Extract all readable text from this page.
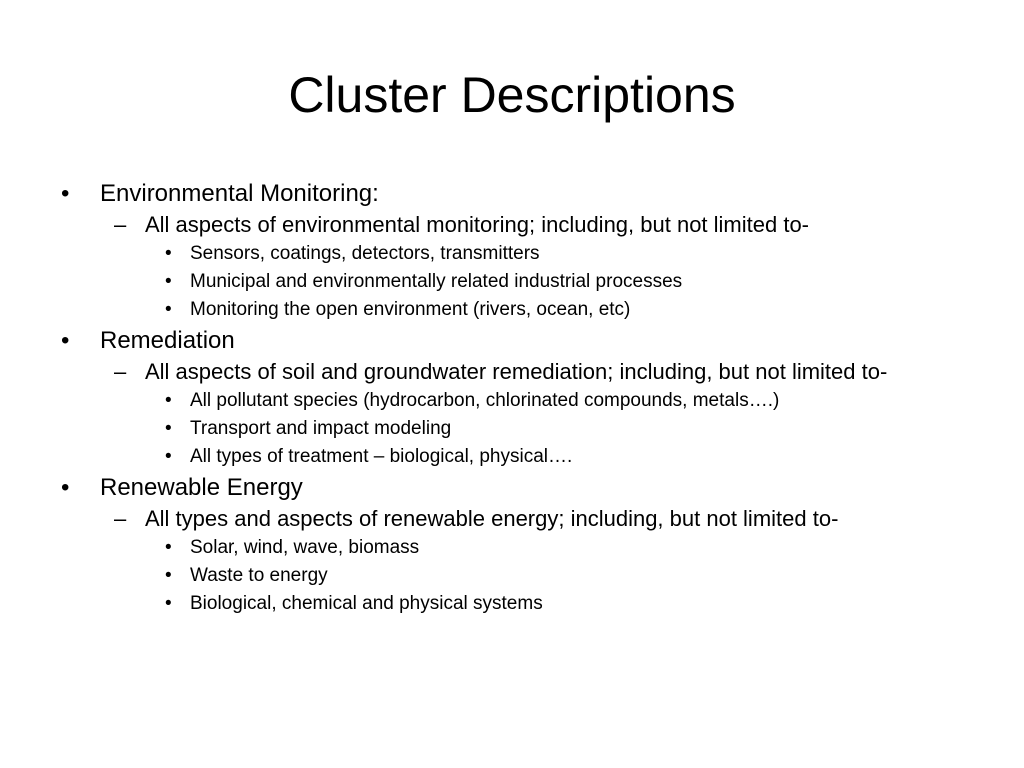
Cluster Descriptions
• Environmental Monitoring:
– All aspects of environmental monitoring; including, but not limited to-
• Sensors, coatings, detectors, transmitters
• Municipal and environmentally related industrial processes
• Monitoring the open environment (rivers, ocean, etc)
• Remediation
– All aspects of soil and groundwater remediation; including, but not limited to-
• All pollutant species (hydrocarbon, chlorinated compounds, metals….)
• Transport and impact modeling
• All types of treatment – biological, physical….
• Renewable Energy
– All types and aspects of renewable energy; including, but not limited to-
• Solar, wind, wave, biomass
• Waste to energy
• Biological, chemical and physical systems
